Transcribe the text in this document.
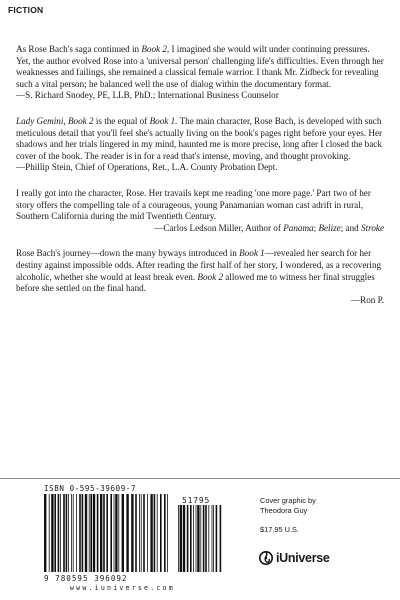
FICTION

As Rose Bach's saga continued in Book 2, I imagined she would wilt under continuing pressures. Yet, the author evolved Rose into a 'universal person' challenging life's difficulties. Even through her weaknesses and failings, she remained a classical female warrior. I thank Mr. Zidbeck for revealing such a vital person; he balanced well the use of dialog within the documentary format.

—S. Richard Snodey, PE, LLB, PhD.; International Business Counselor

Lady Gemini, Book 2 is the equal of Book 1. The main character, Rose Bach, is developed with such meticulous detail that you'll feel she's actually living on the book's pages right before your eyes. Her shadows and her trials lingered in my mind, haunted me is more precise, long after I closed the back cover of the book. The reader is in for a read that's intense, moving, and thought provoking.

—Phillip Stein, Chief of Operations, Ret., L.A. County Probation Dept.

I really got into the character, Rose. Her travails kept me reading 'one more page.' Part two of her story offers the compelling tale of a courageous, young Panamanian woman cast adrift in rural, Southern California during the mid Twentieth Century.

—Carlos Ledson Miller, Author of Panama; Belize; and Stroke

Rose Bach's journey—down the many byways introduced in Book 1—revealed her search for her destiny against impossible odds. After reading the first half of her story, I wondered, as a recovering alcoholic, whether she would at least break even. Book 2 allowed me to witness her final struggles before she settled on the final hand.

—Ron P.

ISBN 0-595-39609-7
51795
9 780595 396092
www.iuniverse.com
Cover graphic by
Theodora Guy
$17.95 U.S.
iUniverse
